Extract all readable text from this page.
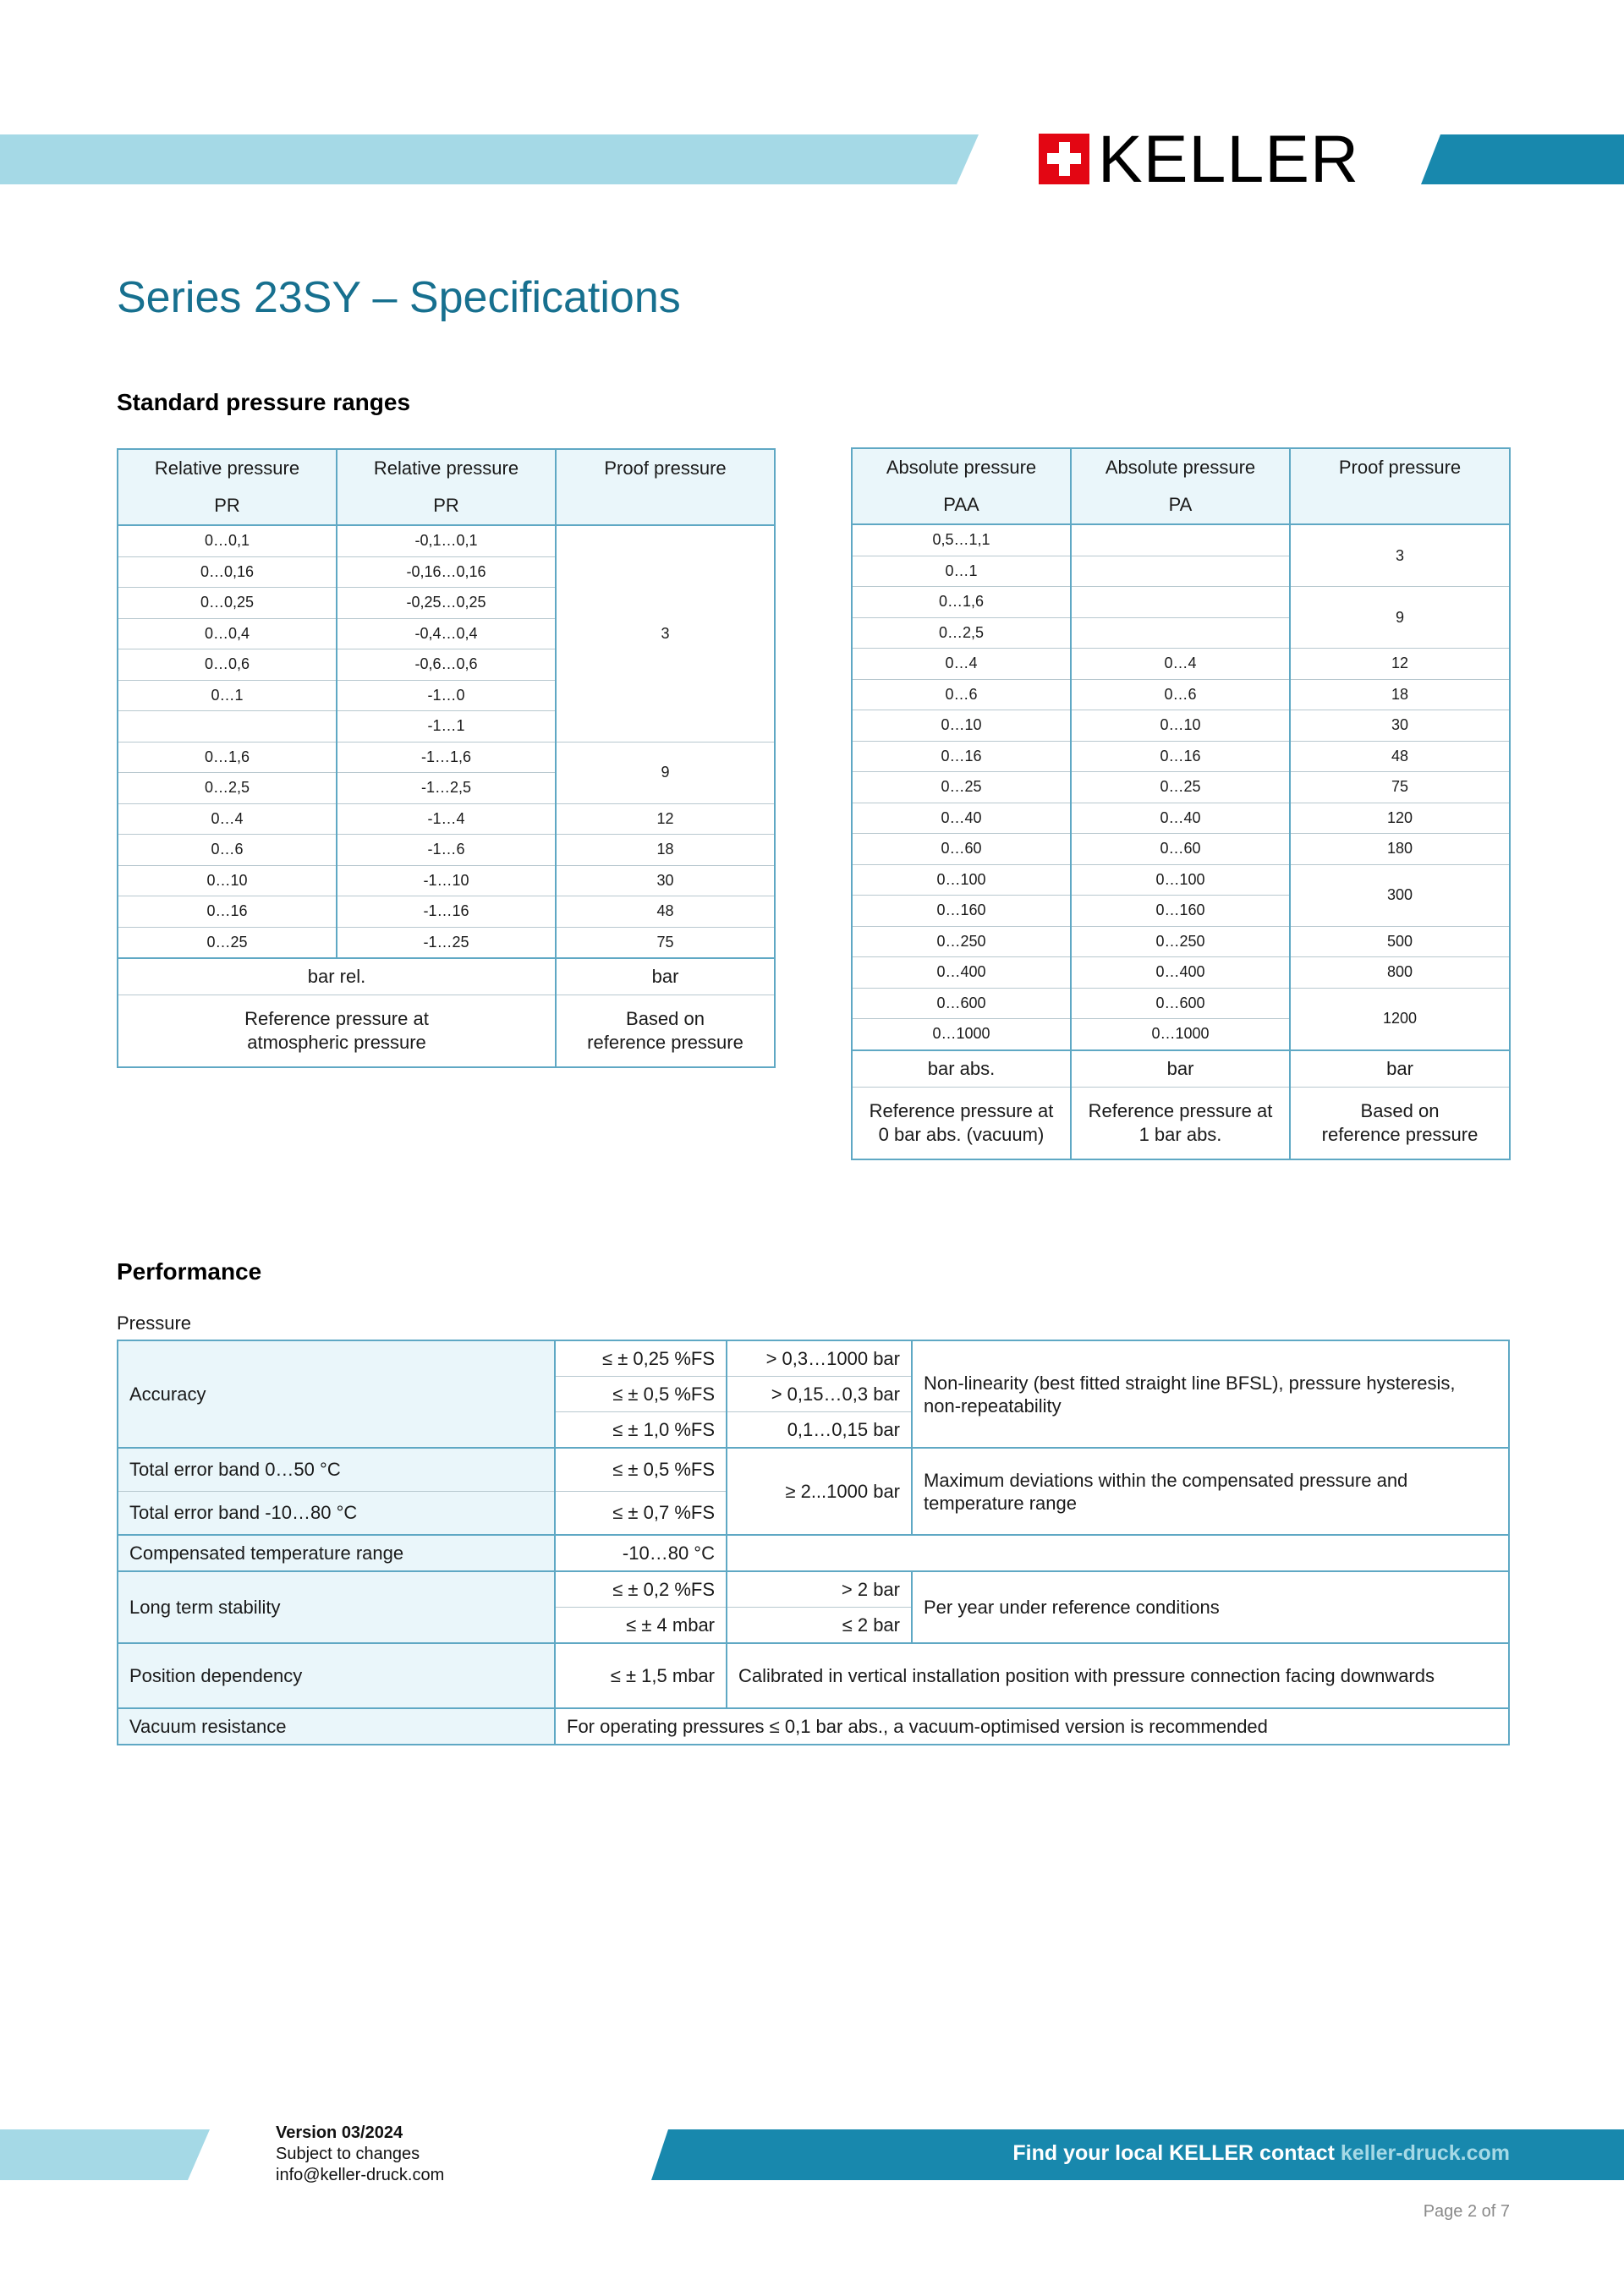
KELLER
Series 23SY – Specifications
Standard pressure ranges
Relative pressure
PR

Relative pressure
PR

Proof pressure

0…0,1	-0,1…0,1	3
0…0,16	-0,16…0,16	
0…0,25	-0,25…0,25	
0…0,4	-0,4…0,4	
0…0,6	-0,6…0,6	
0…1	-1…0	
	-1…1	
0…1,6	-1…1,6	9
0…2,5	-1…2,5	
0…4	-1…4	12
0…6	-1…6	18
0…10	-1…10	30
0…16	-1…16	48
0…25	-1…25	75
bar rel.		bar

Reference pressure at
atmospheric pressure

Based on
reference pressure
Absolute pressure
PAA

Absolute pressure
PA

Proof pressure

0,5…1,1		3
0…1		
0…1,6		9
0…2,5		
0…4	0…4	12
0…6	0…6	18
0…10	0…10	30
0…16	0…16	48
0…25	0…25	75
0…40	0…40	120
0…60	0…60	180
0…100	0…100	300
0…160	0…160	
0…250	0…250	500
0…400	0…400	800
0…600	0…600	1200
0…1000	0…1000	
bar abs.	bar	bar

Reference pressure at
0 bar abs. (vacuum)

Reference pressure at
1 bar abs.

Based on
reference pressure
Performance
Pressure
Accuracy	≤ ± 0,25 %FS	> 0,3…1000 bar	Non-linearity (best fitted straight line BFSL), pressure hysteresis, non-repeatability
	≤ ± 0,5 %FS	> 0,15…0,3 bar	
	≤ ± 1,0 %FS	0,1…0,15 bar	
Total error band 0…50 °C	≤ ± 0,5 %FS	≥ 2...1000 bar	Maximum deviations within the compensated pressure and temperature range
Total error band -10…80 °C	≤ ± 0,7 %FS		
Compensated temperature range	-10…80 °C		
Long term stability	≤ ± 0,2 %FS	> 2 bar	Per year under reference conditions
	≤ ± 4 mbar	≤ 2 bar	
Position dependency	≤ ± 1,5 mbar	Calibrated in vertical installation position with pressure connection facing downwards	
Vacuum resistance	For operating pressures ≤ 0,1 bar abs., a vacuum-optimised version is recommended		
Version 03/2024
Subject to changes
info@keller-druck.com
Find your local KELLER contact keller-druck.com
Page 2 of 7
